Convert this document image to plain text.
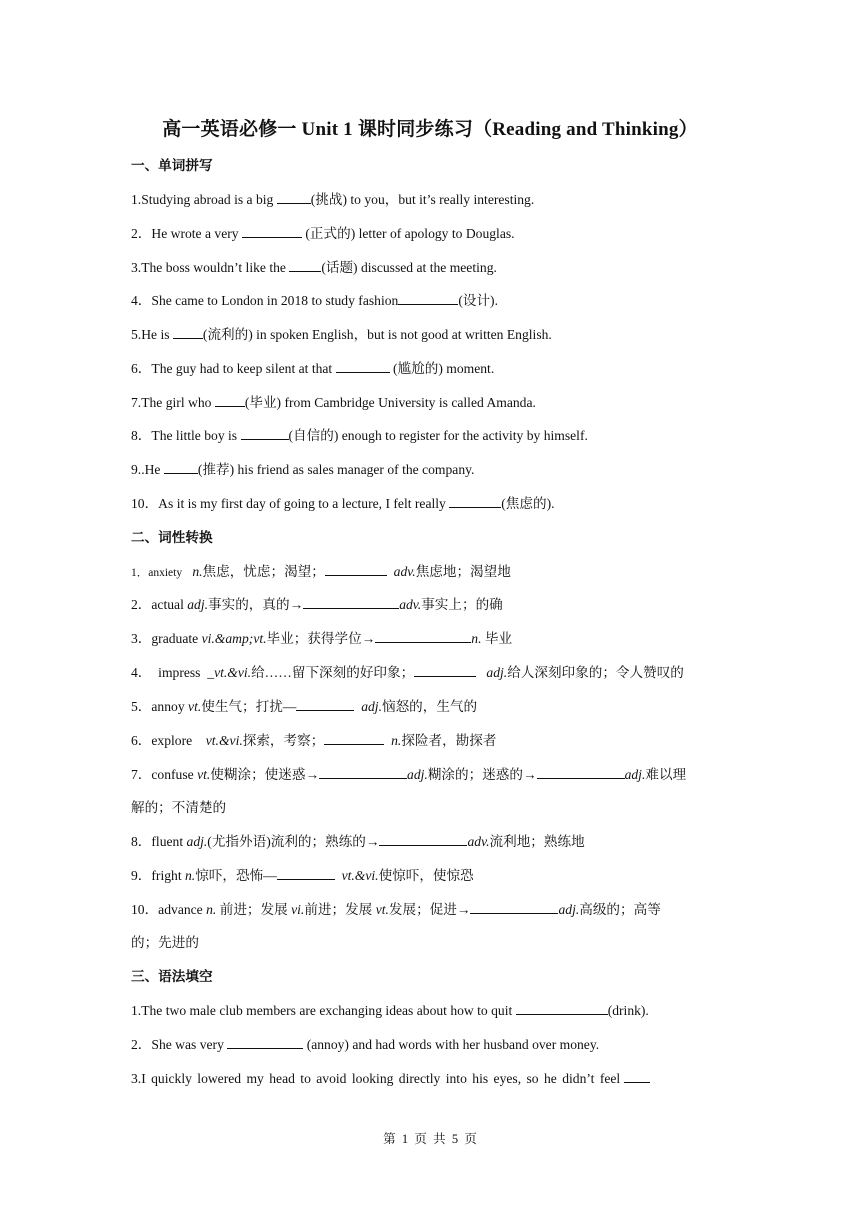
高一英语必修一 Unit 1 课时同步练习（Reading and Thinking）
一、单词拼写
1.Studying abroad is a big	(挑战) to you，but it’s really interesting.
2．He wrote a very	(正式的) letter of apology to Douglas.
3.The boss wouldn’t like the	(话题) discussed at the meeting.
4．She came to London in 2018 to study fashion	(设计).
5.He is (流利的) in spoken English，but is not good at written English.
6．The guy had to keep silent at that	(尴尬的) moment.
7.The girl who (毕业) from Cambridge University is called Amanda.
8．The little boy is	(自信的) enough to register for the activity by himself.
9..He	(推荐) his friend as sales manager of the company.
10．As it is my first day of going to a lecture, I felt really	(焦虑的).
二、词性转换
1．anxiety n.焦虑，忧虑；渴望；	adv.焦虑地；渴望地
2．actual adj.事实的，真的→	adv.事实上；的确
3．graduate vi.&amp;vt.毕业；获得学位→	n. 毕业
4．  impress  _vt.&vi.给……留下深刻的好印象；	adj.给人深刻印象的；令人赞叹的
5．annoy vt.使生气；打扰—	adj.恼怒的，生气的
6．explore vt.&vi.探索，考察；	n.探险者，勘探者
7．confuse vt.使糊涂；使迷惑→	adj.糊涂的；迷惑的→	adj.难以理
解的；不清楚的
8．fluent adj.(尤指外语)流利的；熟练的→	adv.流利地；熟练地
9．fright n.惊吓，恐怖—	vt.&vi.使惊吓，使惊恐
10．advance n. 前进；发展 vi.前进；发展 vt.发展；促进→	adj.高级的；高等
的；先进的
三、语法填空
1.The two male club members are exchanging ideas about how to quit	(drink).
2．She was very	(annoy) and had words with her husband over money.
3.I quickly lowered my head to avoid looking directly into his eyes, so he didn’t feel
第  1  页  共  5  页
